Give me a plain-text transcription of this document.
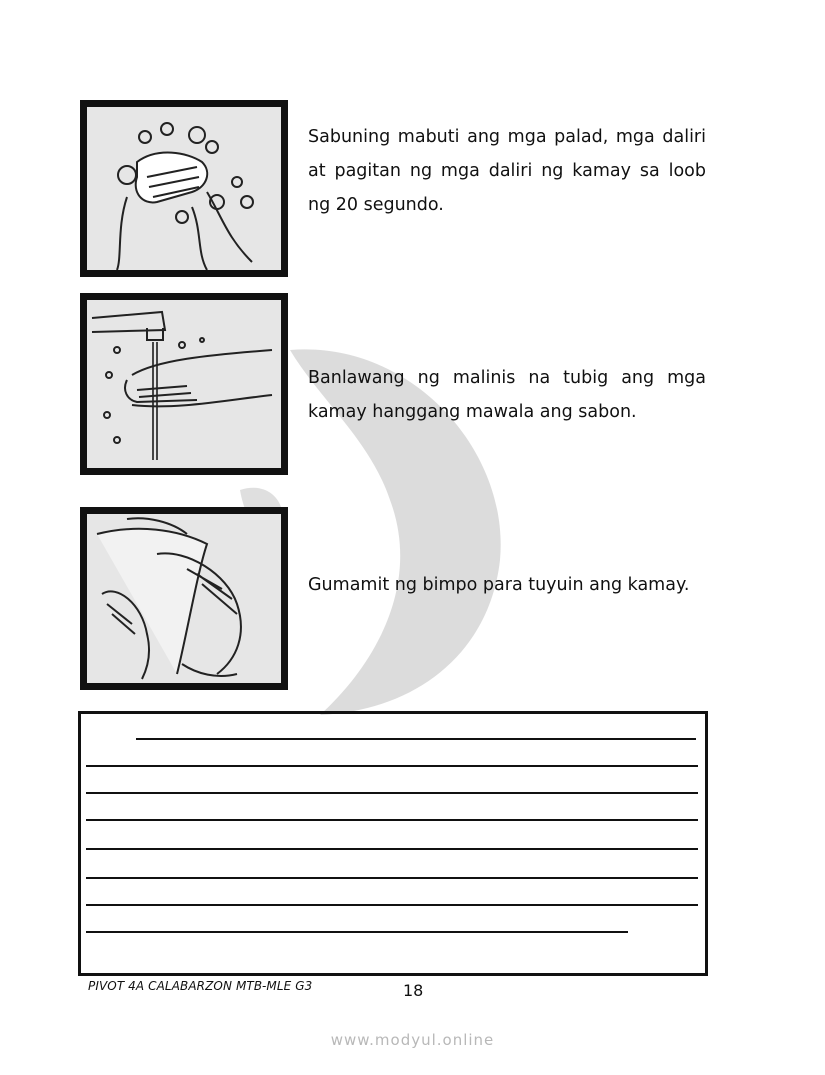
Sabuning mabuti ang mga palad, mga daliri at pagitan ng mga daliri ng kamay sa loob ng 20 segundo.
Banlawang ng malinis na tubig ang mga kamay hanggang mawala ang sabon.
Gumamit ng bimpo para tuyuin ang kamay.
PIVOT 4A CALABARZON MTB-MLE G3	18
www.modyul.online
